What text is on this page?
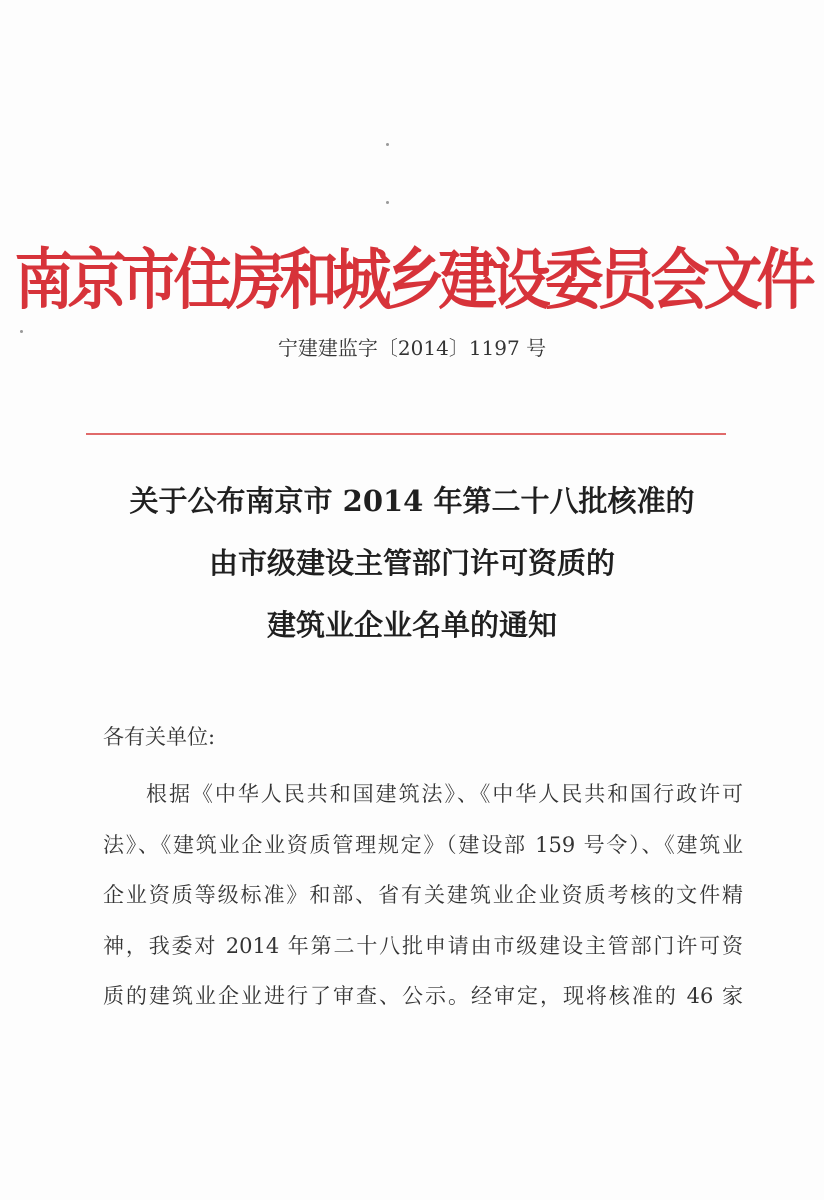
南京市住房和城乡建设委员会文件
宁建建监字〔2014〕1197 号
关于公布南京市 2014 年第二十八批核准的
由市级建设主管部门许可资质的
建筑业企业名单的通知
各有关单位:
根据《中华人民共和国建筑法》、《中华人民共和国行政许可
法》、《建筑业企业资质管理规定》（建设部 159 号令）、《建筑业
企业资质等级标准》和部、省有关建筑业企业资质考核的文件精
神，我委对 2014 年第二十八批申请由市级建设主管部门许可资
质的建筑业企业进行了审查、公示。经审定，现将核准的 46 家
